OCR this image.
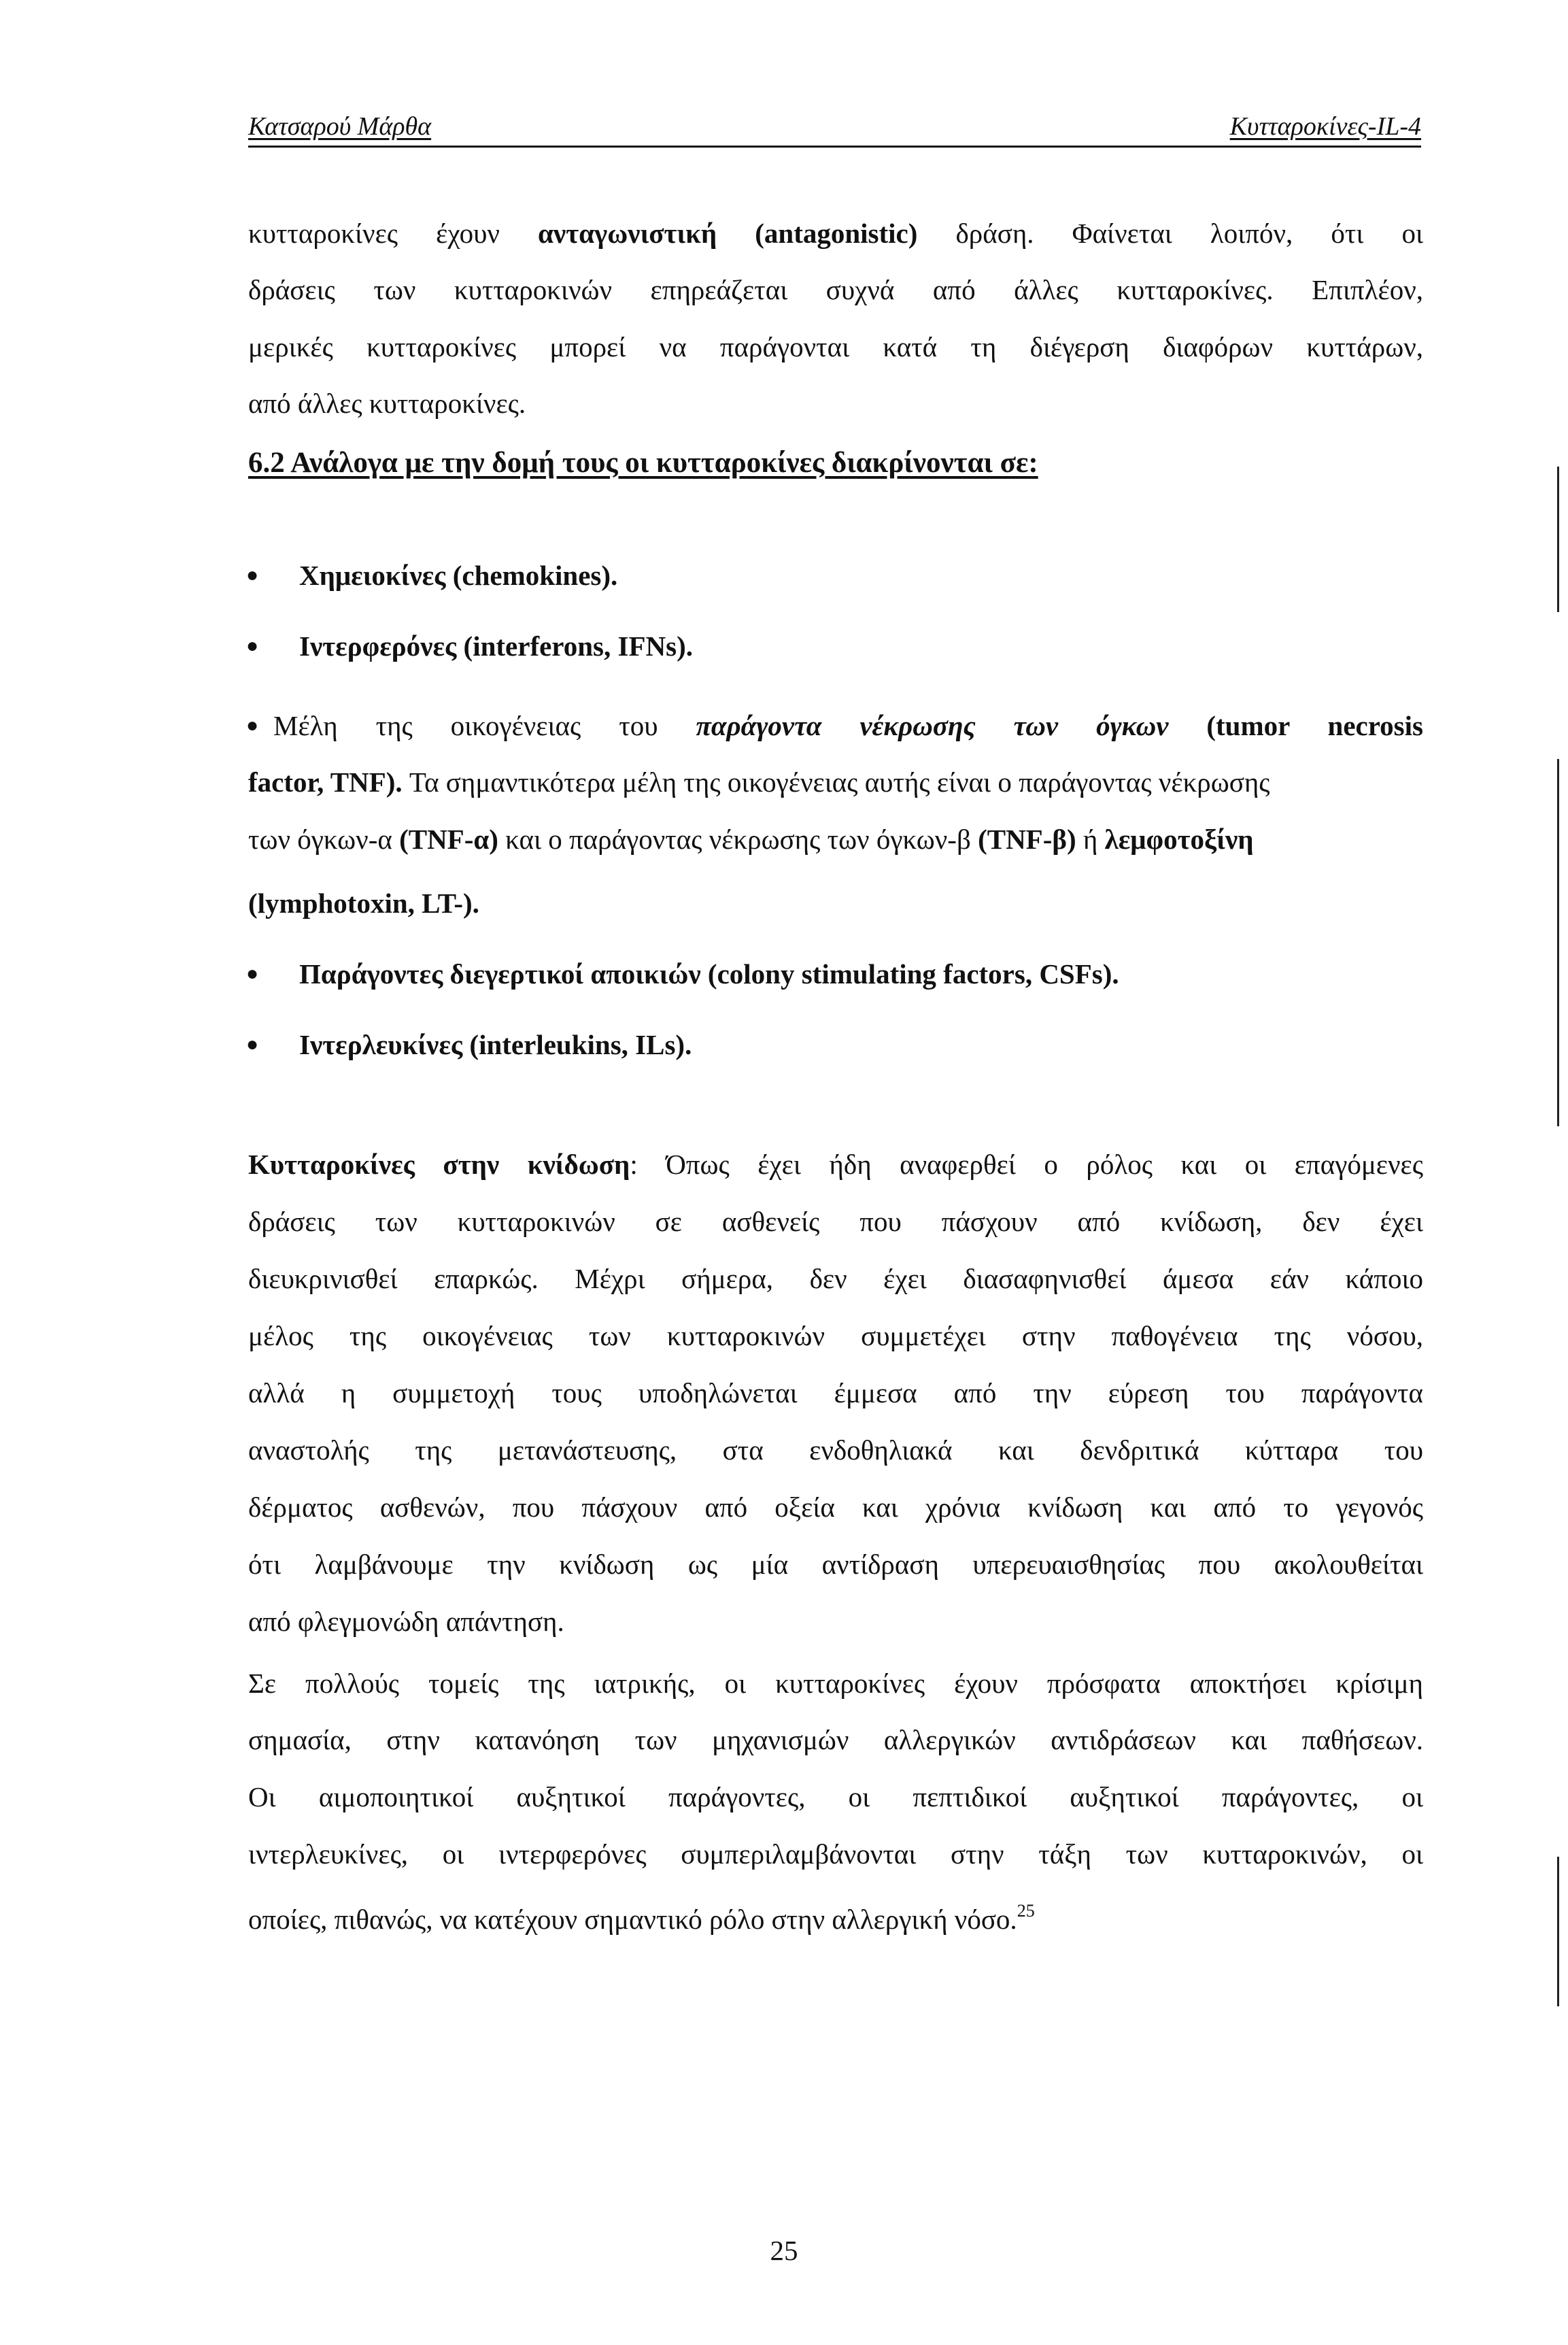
Κατσαρού Μάρθα	Κυτταροκίνες-IL-4
κυτταροκίνες έχουν ανταγωνιστική (antagonistic) δράση. Φαίνεται λοιπόν, ότι οι
δράσεις των κυτταροκινών επηρεάζεται συχνά από άλλες κυτταροκίνες. Επιπλέον,
μερικές κυτταροκίνες μπορεί να παράγονται κατά τη διέγερση διαφόρων κυττάρων,
από άλλες κυτταροκίνες.
6.2 Ανάλογα με την δομή τους οι κυτταροκίνες διακρίνονται σε:
● Χημειοκίνες (chemokines).
● Ιντερφερόνες (interferons, IFNs).
● Μέλη της οικογένειας του παράγοντα νέκρωσης των όγκων (tumor necrosis
factor, TNF). Τα σημαντικότερα μέλη της οικογένειας αυτής είναι ο παράγοντας νέκρωσης
των όγκων-α (TNF-α) και ο παράγοντας νέκρωσης των όγκων-β (TNF-β) ή λεμφοτοξίνη
(lymphotoxin, LT-).
● Παράγοντες διεγερτικοί αποικιών (colony stimulating factors, CSFs).
● Ιντερλευκίνες (interleukins, ILs).
Κυτταροκίνες στην κνίδωση: Όπως έχει ήδη αναφερθεί ο ρόλος και οι επαγόμενες
δράσεις των κυτταροκινών σε ασθενείς που πάσχουν από κνίδωση, δεν έχει
διευκρινισθεί επαρκώς. Μέχρι σήμερα, δεν έχει διασαφηνισθεί άμεσα εάν κάποιο
μέλος της οικογένειας των κυτταροκινών συμμετέχει στην παθογένεια της νόσου,
αλλά η συμμετοχή τους υποδηλώνεται έμμεσα από την εύρεση του παράγοντα
αναστολής της μετανάστευσης, στα ενδοθηλιακά και δενδριτικά κύτταρα του
δέρματος ασθενών, που πάσχουν από οξεία και χρόνια κνίδωση και από το γεγονός
ότι λαμβάνουμε την κνίδωση ως μία αντίδραση υπερευαισθησίας που ακολουθείται
από φλεγμονώδη απάντηση.
Σε πολλούς τομείς της ιατρικής, οι κυτταροκίνες έχουν πρόσφατα αποκτήσει κρίσιμη
σημασία, στην κατανόηση των μηχανισμών αλλεργικών αντιδράσεων και παθήσεων.
Οι αιμοποιητικοί αυξητικοί παράγοντες, οι πεπτιδικοί αυξητικοί παράγοντες, οι
ιντερλευκίνες, οι ιντερφερόνες συμπεριλαμβάνονται στην τάξη των κυτταροκινών, οι
οποίες, πιθανώς, να κατέχουν σημαντικό ρόλο στην αλλεργική νόσο.$^{25}$
25
